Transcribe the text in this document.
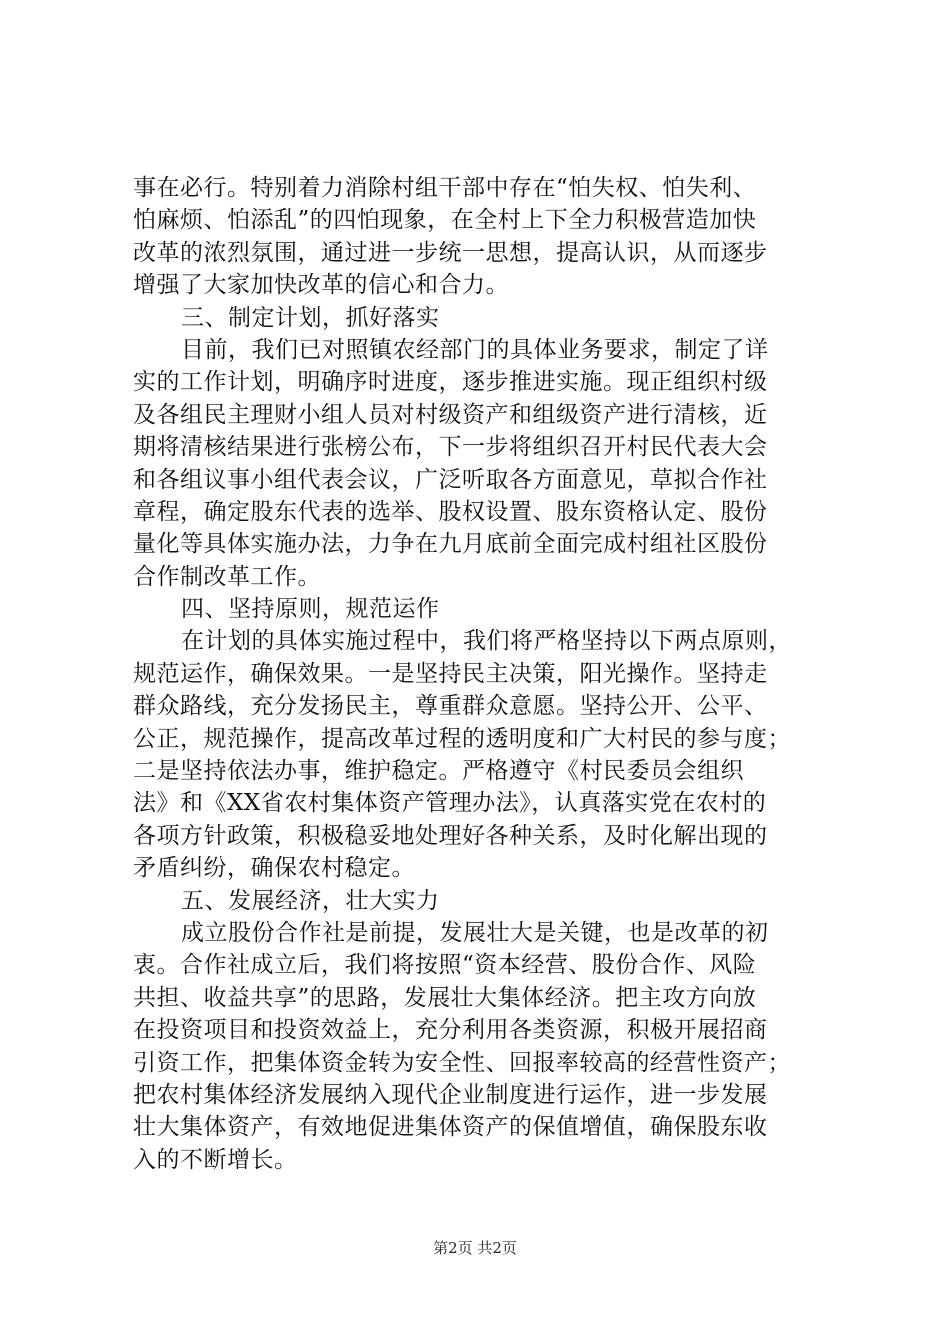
事在必行。特别着力消除村组干部中存在“怕失权、怕失利、
怕麻烦、怕添乱”的四怕现象，在全村上下全力积极营造加快
改革的浓烈氛围，通过进一步统一思想，提高认识，从而逐步
增强了大家加快改革的信心和合力。
三、制定计划，抓好落实
目前，我们已对照镇农经部门的具体业务要求，制定了详
实的工作计划，明确序时进度，逐步推进实施。现正组织村级
及各组民主理财小组人员对村级资产和组级资产进行清核，近
期将清核结果进行张榜公布，下一步将组织召开村民代表大会
和各组议事小组代表会议，广泛听取各方面意见，草拟合作社
章程，确定股东代表的选举、股权设置、股东资格认定、股份
量化等具体实施办法，力争在九月底前全面完成村组社区股份
合作制改革工作。
四、坚持原则，规范运作
在计划的具体实施过程中，我们将严格坚持以下两点原则，
规范运作，确保效果。一是坚持民主决策，阳光操作。坚持走
群众路线，充分发扬民主，尊重群众意愿。坚持公开、公平、
公正，规范操作，提高改革过程的透明度和广大村民的参与度；
二是坚持依法办事，维护稳定。严格遵守《村民委员会组织
法》和《XX省农村集体资产管理办法》，认真落实党在农村的
各项方针政策，积极稳妥地处理好各种关系，及时化解出现的
矛盾纠纷，确保农村稳定。
五、发展经济，壮大实力
成立股份合作社是前提，发展壮大是关键，也是改革的初
衷。合作社成立后，我们将按照“资本经营、股份合作、风险
共担、收益共享”的思路，发展壮大集体经济。把主攻方向放
在投资项目和投资效益上，充分利用各类资源，积极开展招商
引资工作，把集体资金转为安全性、回报率较高的经营性资产；
把农村集体经济发展纳入现代企业制度进行运作，进一步发展
壮大集体资产，有效地促进集体资产的保值增值，确保股东收
入的不断增长。
第2页 共2页
